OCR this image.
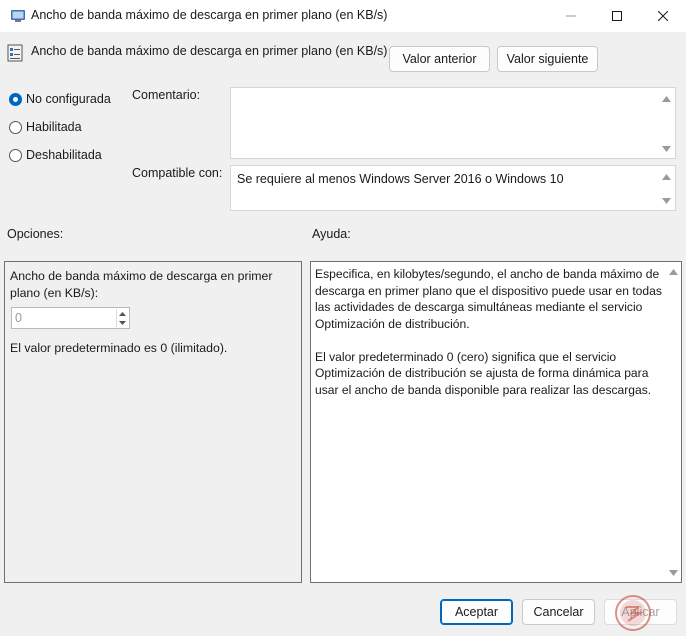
Ancho de banda máximo de descarga en primer plano (en KB/s)
Ancho de banda máximo de descarga en primer plano (en KB/s)
Valor anterior	Valor siguiente
No configurada
Habilitada
Deshabilitada
Comentario:
Compatible con: Se requiere al menos Windows Server 2016 o Windows 10
Opciones:	Ayuda:
Ancho de banda máximo de descarga en primer plano (en KB/s):
0
El valor predeterminado es 0 (ilimitado).
Especifica, en kilobytes/segundo, el ancho de banda máximo de descarga en primer plano que el dispositivo puede usar en todas las actividades de descarga simultáneas mediante el servicio Optimización de distribución.

El valor predeterminado 0 (cero) significa que el servicio Optimización de distribución se ajusta de forma dinámica para usar el ancho de banda disponible para realizar las descargas.
Aceptar	Cancelar	Aplicar
